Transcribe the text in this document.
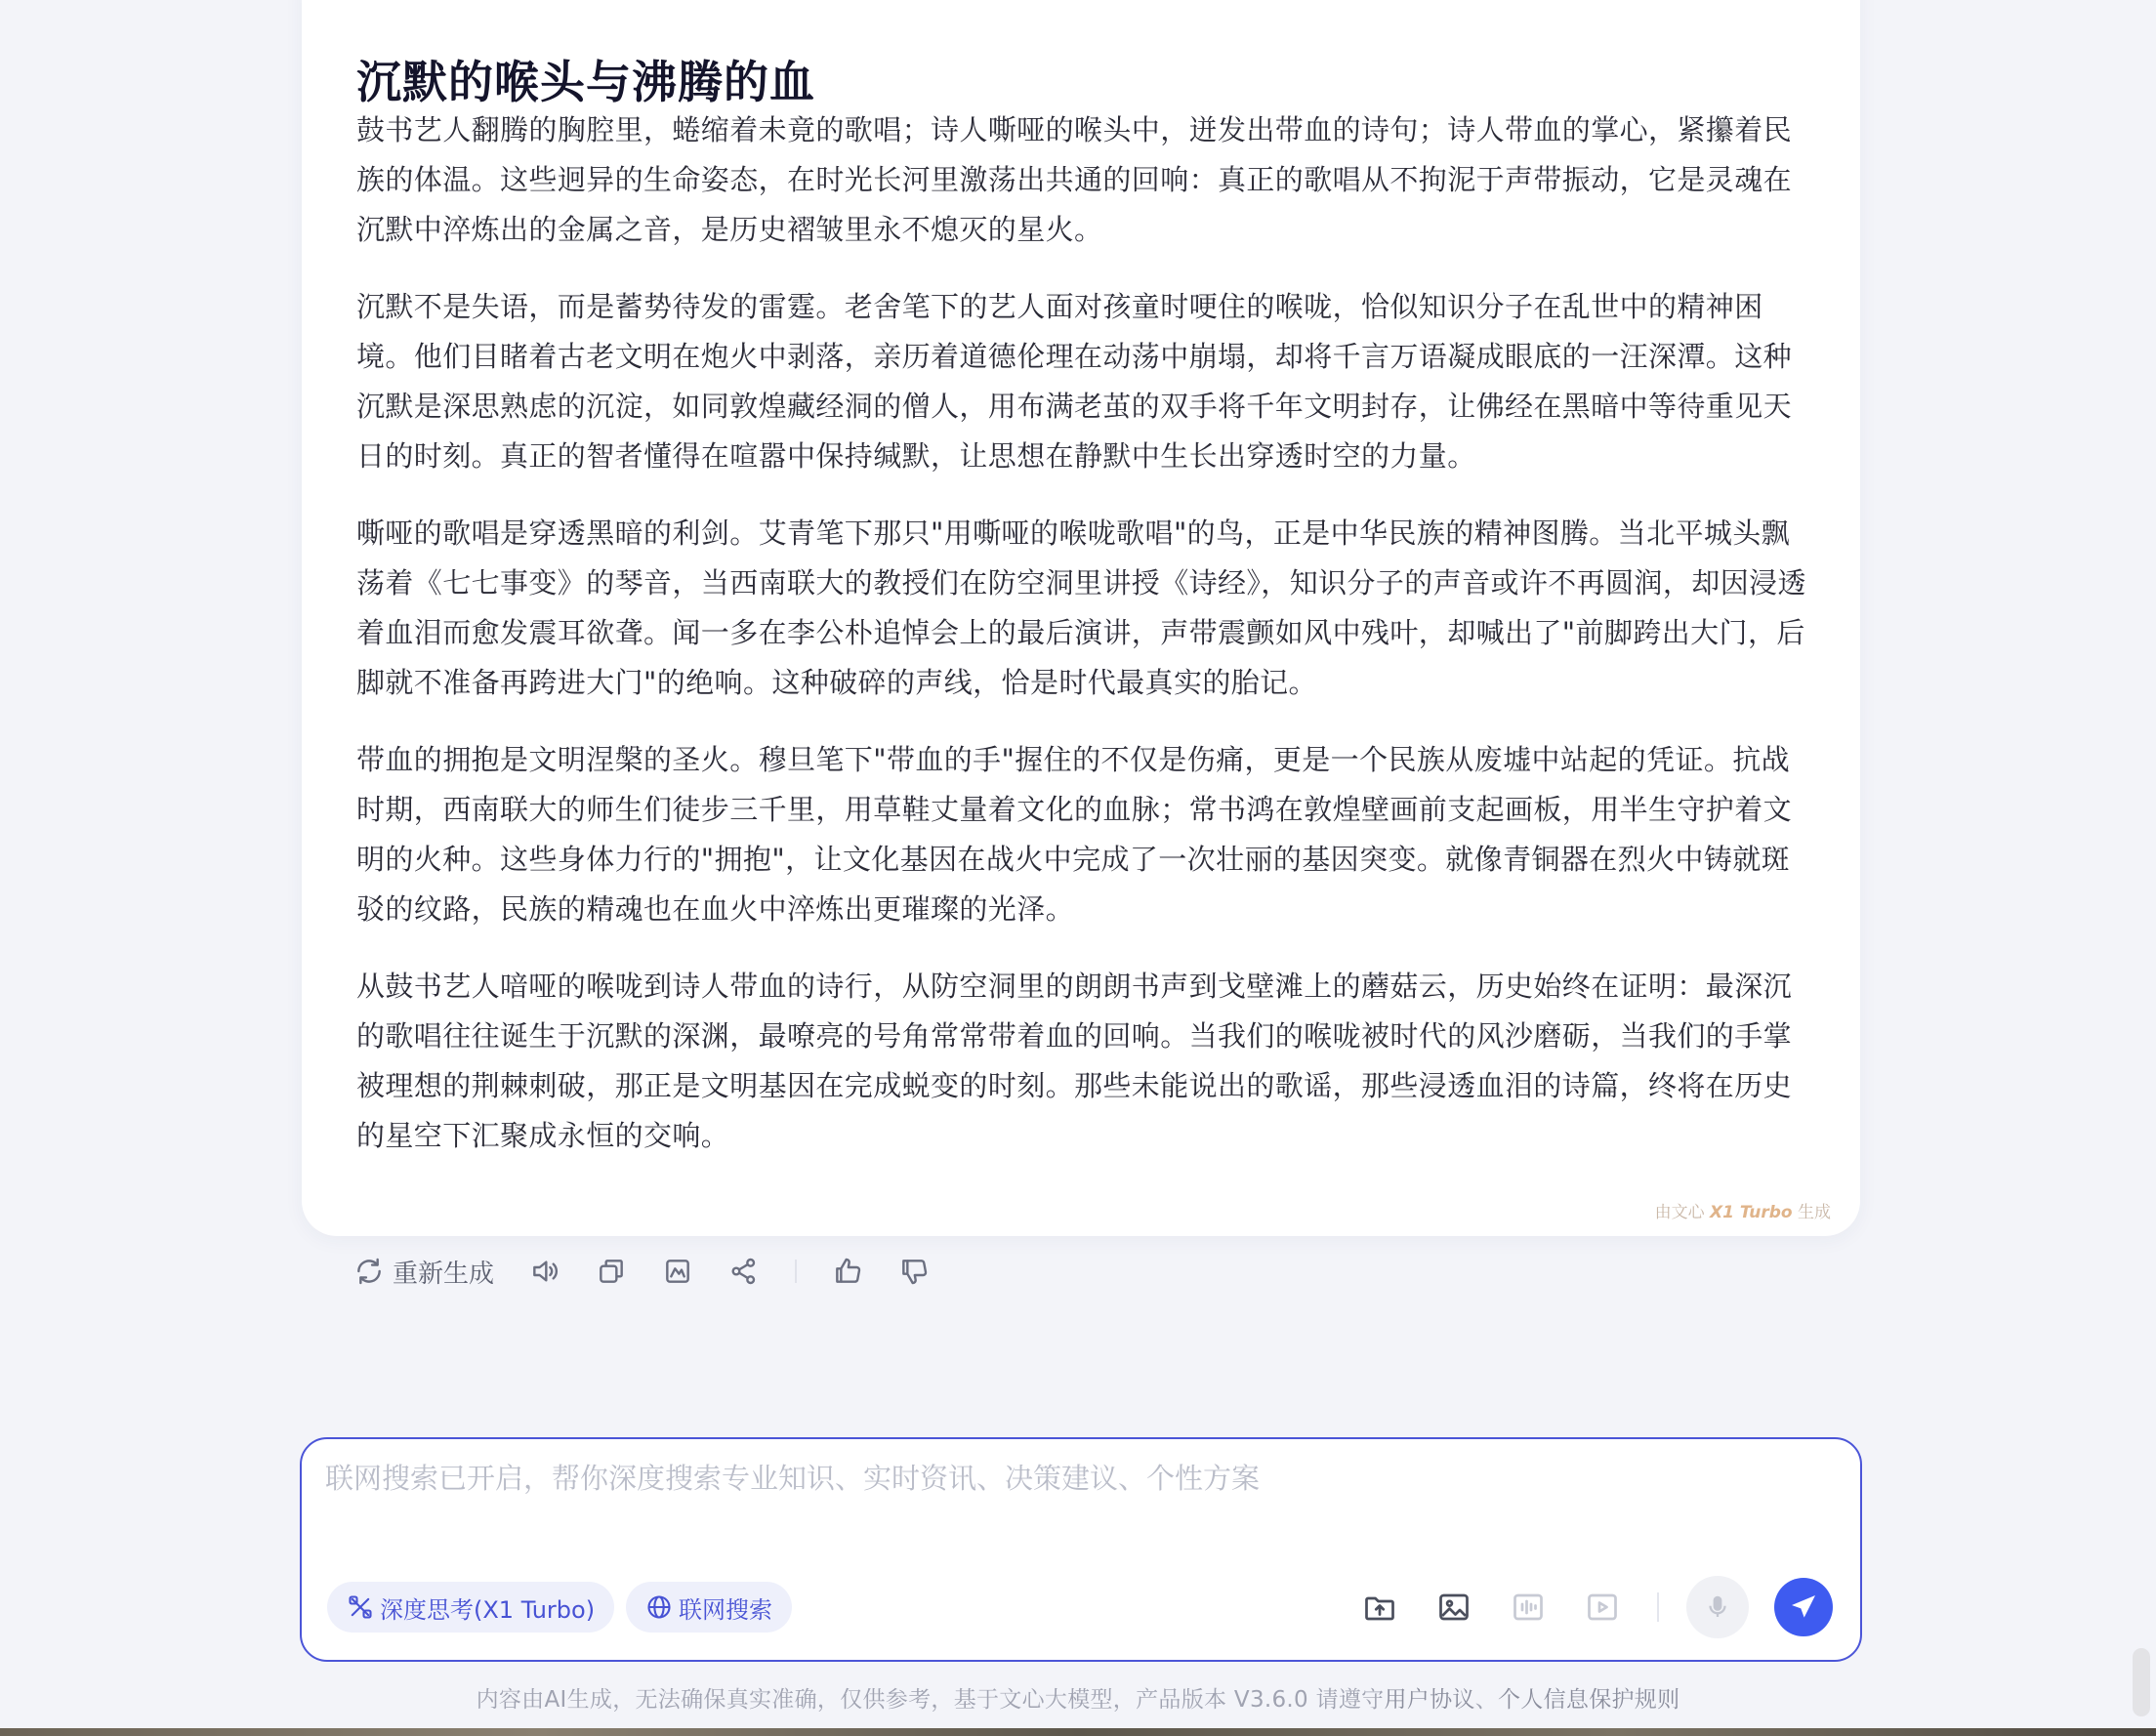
沉默的喉头与沸腾的血

鼓书艺人翻腾的胸腔里，蜷缩着未竟的歌唱；诗人嘶哑的喉头中，迸发出带血的诗句；诗人带血的掌心，紧攥着民族的体温。这些迥异的生命姿态，在时光长河里激荡出共通的回响：真正的歌唱从不拘泥于声带振动，它是灵魂在沉默中淬炼出的金属之音，是历史褶皱里永不熄灭的星火。

沉默不是失语，而是蓄势待发的雷霆。老舍笔下的艺人面对孩童时哽住的喉咙，恰似知识分子在乱世中的精神困境。他们目睹着古老文明在炮火中剥落，亲历着道德伦理在动荡中崩塌，却将千言万语凝成眼底的一汪深潭。这种沉默是深思熟虑的沉淀，如同敦煌藏经洞的僧人，用布满老茧的双手将千年文明封存，让佛经在黑暗中等待重见天日的时刻。真正的智者懂得在喧嚣中保持缄默，让思想在静默中生长出穿透时空的力量。

嘶哑的歌唱是穿透黑暗的利剑。艾青笔下那只"用嘶哑的喉咙歌唱"的鸟，正是中华民族的精神图腾。当北平城头飘荡着《七七事变》的琴音，当西南联大的教授们在防空洞里讲授《诗经》，知识分子的声音或许不再圆润，却因浸透着血泪而愈发震耳欲聋。闻一多在李公朴追悼会上的最后演讲，声带震颤如风中残叶，却喊出了"前脚跨出大门，后脚就不准备再跨进大门"的绝响。这种破碎的声线，恰是时代最真实的胎记。

带血的拥抱是文明涅槃的圣火。穆旦笔下"带血的手"握住的不仅是伤痛，更是一个民族从废墟中站起的凭证。抗战时期，西南联大的师生们徒步三千里，用草鞋丈量着文化的血脉；常书鸿在敦煌壁画前支起画板，用半生守护着文明的火种。这些身体力行的"拥抱"，让文化基因在战火中完成了一次壮丽的基因突变。就像青铜器在烈火中铸就斑驳的纹路，民族的精魂也在血火中淬炼出更璀璨的光泽。

从鼓书艺人喑哑的喉咙到诗人带血的诗行，从防空洞里的朗朗书声到戈壁滩上的蘑菇云，历史始终在证明：最深沉的歌唱往往诞生于沉默的深渊，最嘹亮的号角常常带着血的回响。当我们的喉咙被时代的风沙磨砺，当我们的手掌被理想的荆棘刺破，那正是文明基因在完成蜕变的时刻。那些未能说出的歌谣，那些浸透血泪的诗篇，终将在历史的星空下汇聚成永恒的交响。

由文心 X1 Turbo 生成
重新生成
联网搜索已开启，帮你深度搜索专业知识、实时资讯、决策建议、个性方案
深度思考(X1 Turbo)	联网搜索
内容由AI生成，无法确保真实准确，仅供参考，基于文心大模型，产品版本 V3.6.0 请遵守用户协议、个人信息保护规则
